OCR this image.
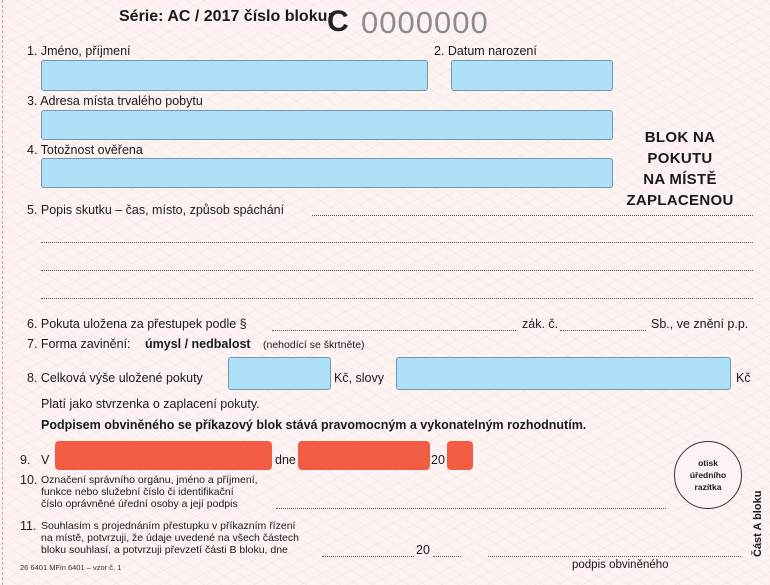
Série: AC / 2017 číslo bloku:
C 0000000
1. Jméno, příjmení	2. Datum narození
3. Adresa místa trvalého pobytu
4. Totožnost ověřena
BLOK NA POKUTU
NA MÍSTĚ
ZAPLACENOU
5. Popis skutku – čas, místo, způsob spáchání
6. Pokuta uložena za přestupek podle §	zák. č.	Sb., ve znění p.p.
7. Forma zavinění: úmysl / nedbalost (nehodící se škrtněte)
8. Celková výše uložené pokuty	Kč, slovy	Kč
Platí jako stvrzenka o zaplacení pokuty.
Podpisem obviněného se příkazový blok stává pravomocným a vykonatelným rozhodnutím.
9. V	dne	20
10. Označení správního orgánu, jméno a příjmení,
funkce nebo služební číslo či identifikační
číslo oprávněné úřední osoby a její podpis
otisk
úředního
razítka
11. Souhlasím s projednáním přestupku v příkazním řízení
na místě, potvrzuji, že údaje uvedené na všech částech
bloku souhlasí, a potvrzuji převzetí části B bloku, dne	20
podpis obviněného
Část A bloku
26 6401 MFin 6401 – vzor č. 1
